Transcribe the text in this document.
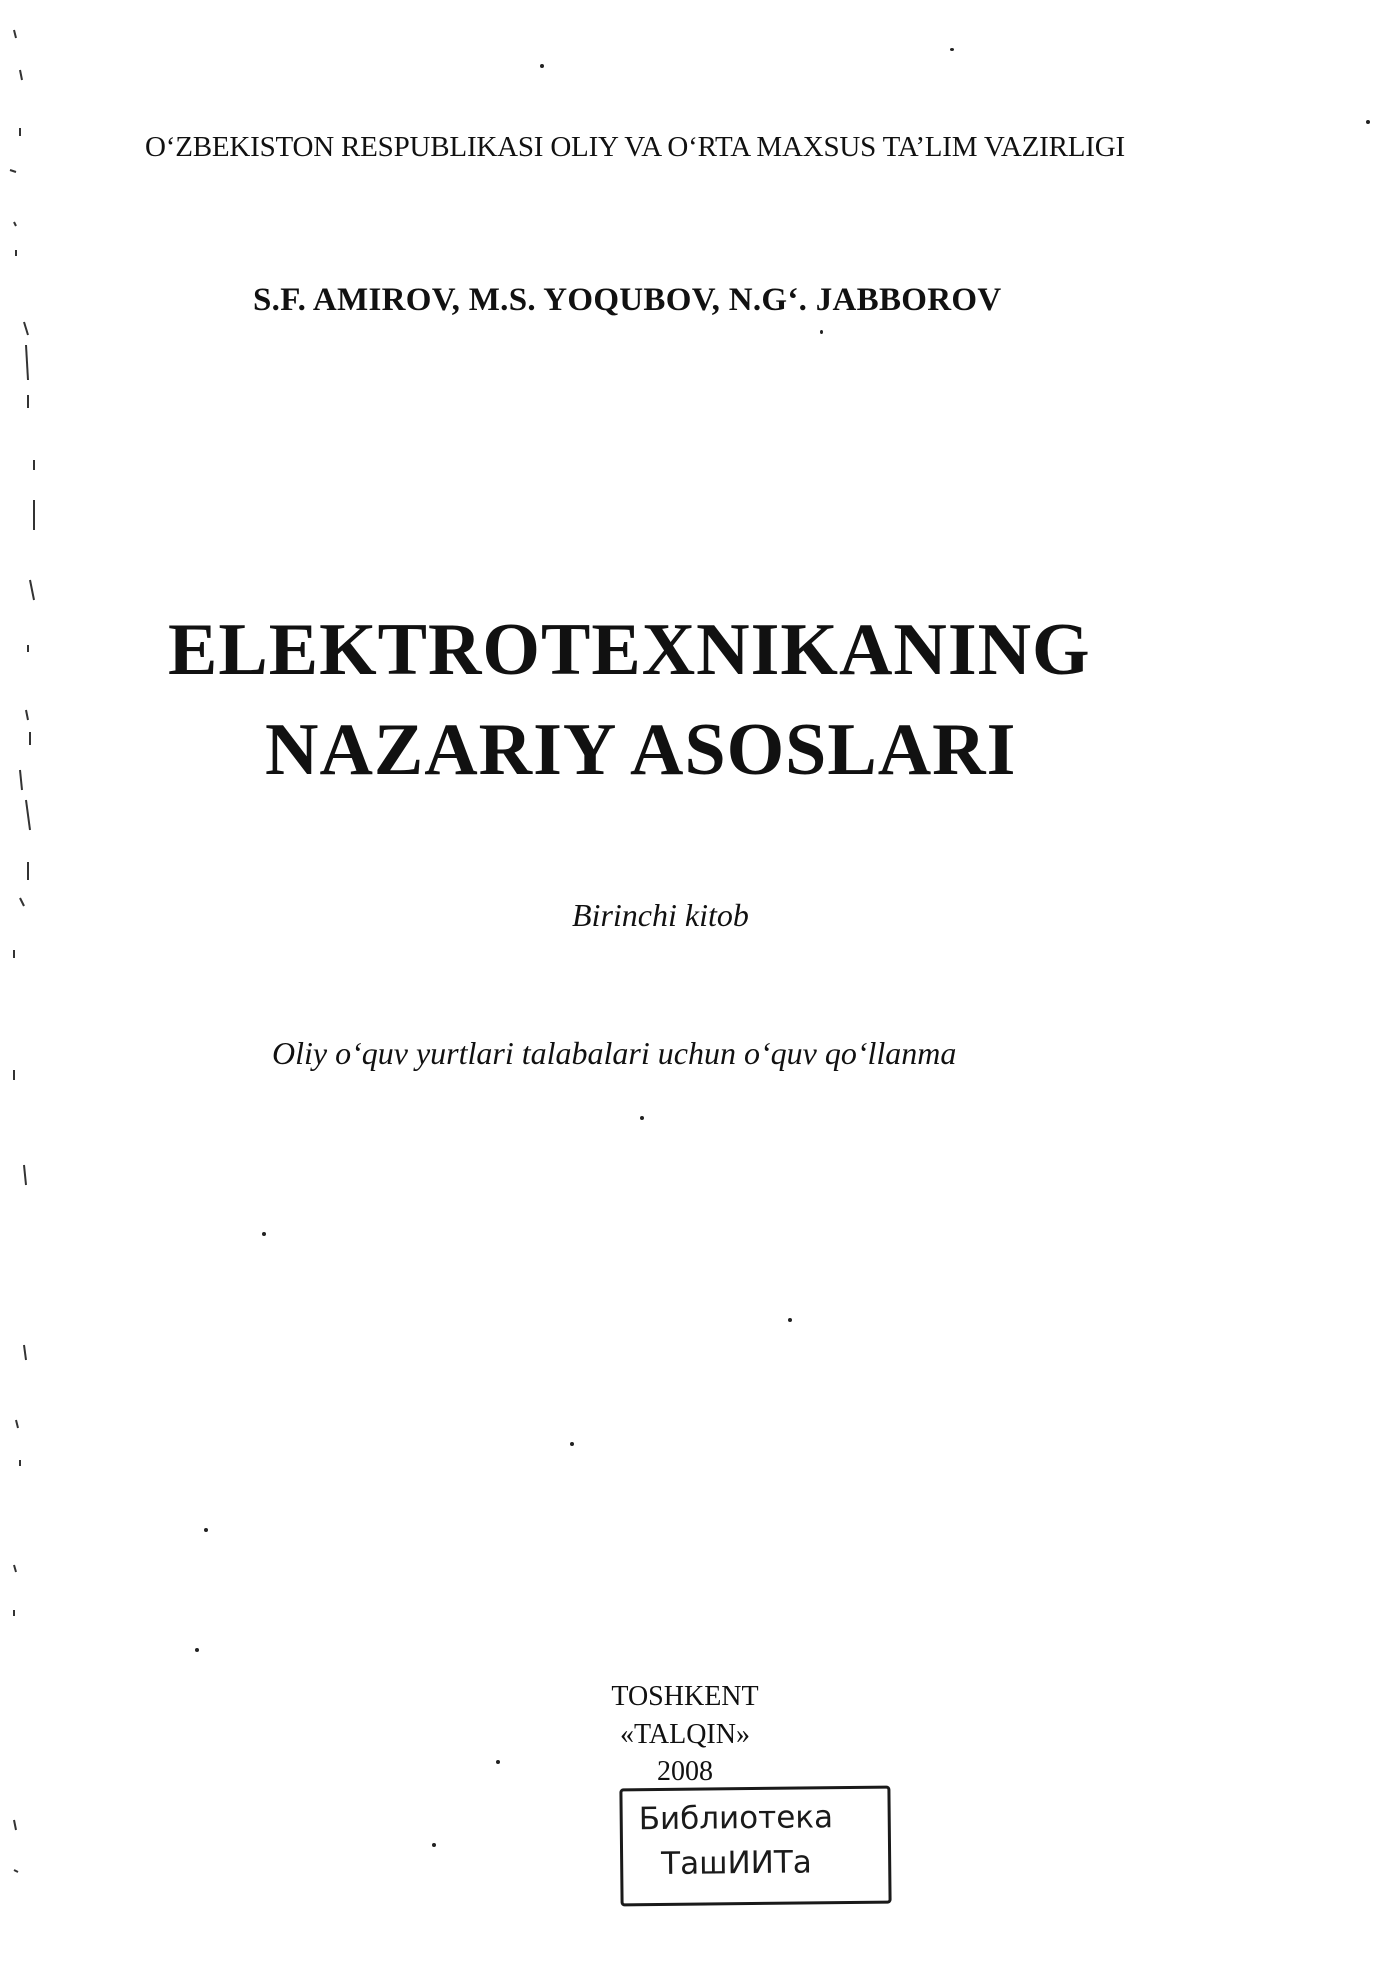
O‘ZBEKISTON RESPUBLIKASI OLIY VA O‘RTA MAXSUS TA’LIM VAZIRLIGI
S.F. AMIROV, M.S. YOQUBOV, N.G‘. JABBOROV
ELEKTROTEXNIKANING
NAZARIY ASOSLARI
Birinchi kitob
Oliy o‘quv yurtlari talabalari uchun o‘quv qo‘llanma
TOSHKENT
«TALQIN»
2008
Библиотека
ТашИИТа
